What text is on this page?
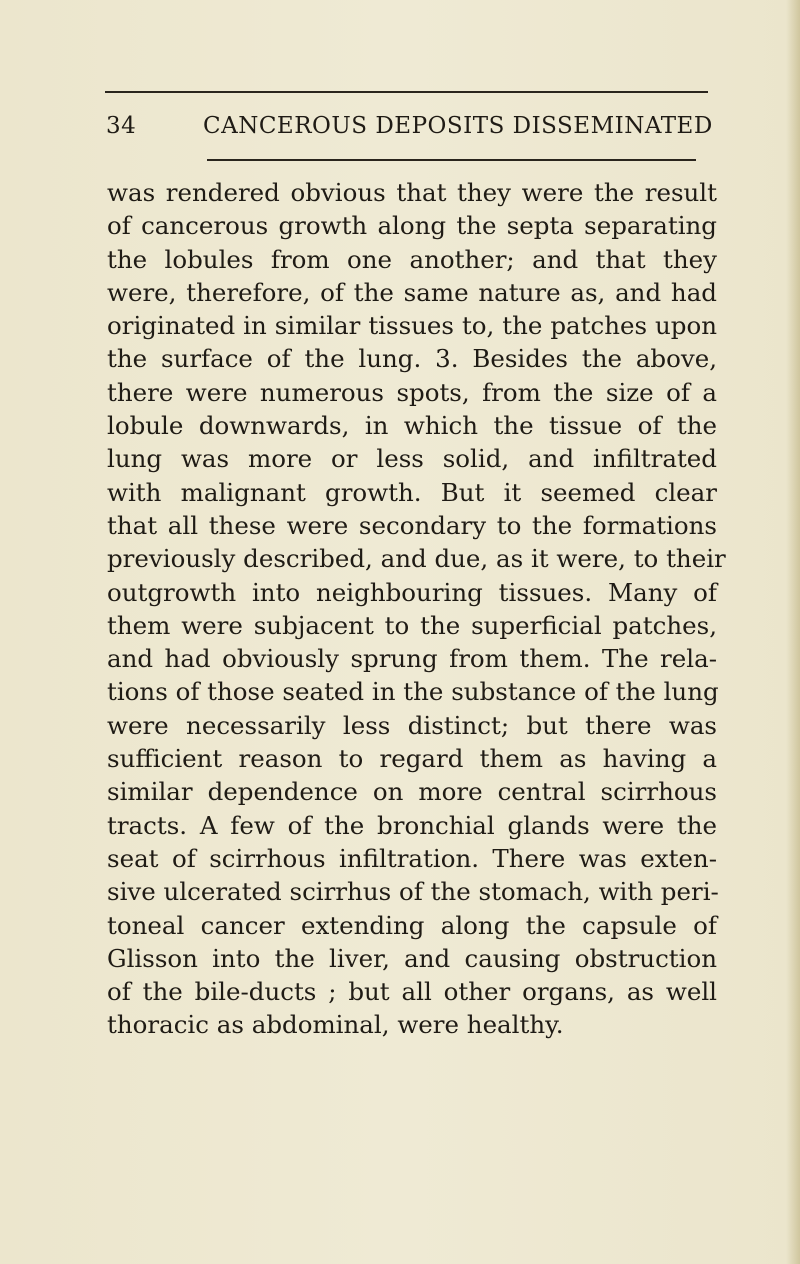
34	CANCEROUS DEPOSITS DISSEMINATED
was rendered obvious that they were the result
of cancerous growth along the septa separating
the lobules from one another; and that they
were, therefore, of the same nature as, and had
originated in similar tissues to, the patches upon
the surface of the lung. 3. Besides the above,
there were numerous spots, from the size of a
lobule downwards, in which the tissue of the
lung was more or less solid, and infiltrated
with malignant growth. But it seemed clear
that all these were secondary to the formations
previously described, and due, as it were, to their
outgrowth into neighbouring tissues. Many of
them were subjacent to the superficial patches,
and had obviously sprung from them. The rela-
tions of those seated in the substance of the lung
were necessarily less distinct; but there was
sufficient reason to regard them as having a
similar dependence on more central scirrhous
tracts. A few of the bronchial glands were the
seat of scirrhous infiltration. There was exten-
sive ulcerated scirrhus of the stomach, with peri-
toneal cancer extending along the capsule of
Glisson into the liver, and causing obstruction
of the bile-ducts ; but all other organs, as well
thoracic as abdominal, were healthy.
